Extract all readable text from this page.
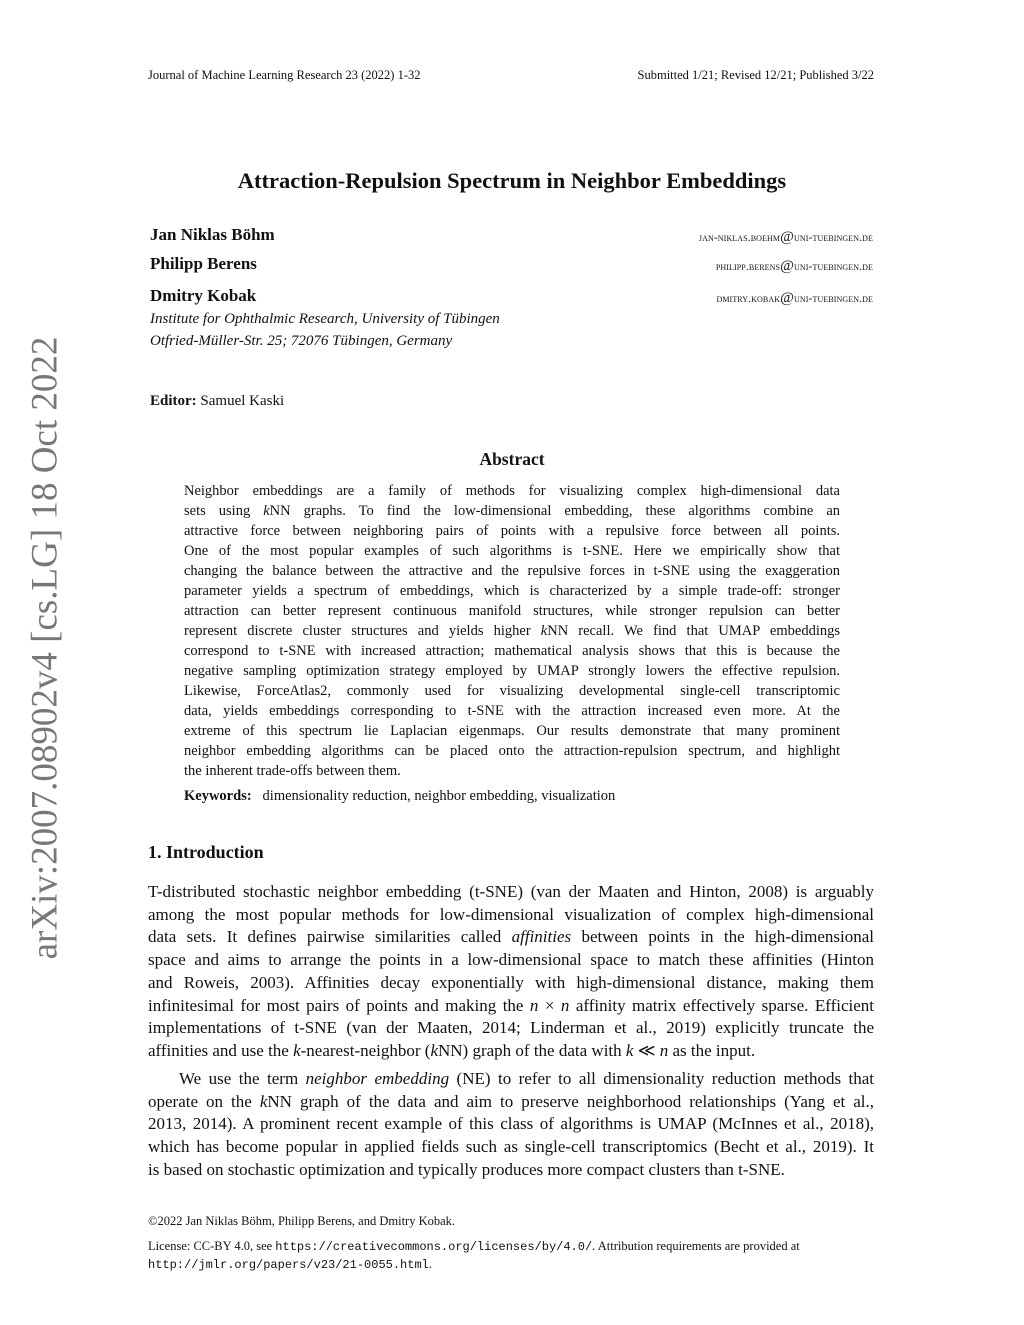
Journal of Machine Learning Research 23 (2022) 1-32	Submitted 1/21; Revised 12/21; Published 3/22
Attraction-Repulsion Spectrum in Neighbor Embeddings
Jan Niklas Böhm	jan-niklas.boehm@uni-tuebingen.de
Philipp Berens	philipp.berens@uni-tuebingen.de
Dmitry Kobak	dmitry.kobak@uni-tuebingen.de
Institute for Ophthalmic Research, University of Tübingen
Otfried-Müller-Str. 25; 72076 Tübingen, Germany
Editor: Samuel Kaski
Abstract
Neighbor embeddings are a family of methods for visualizing complex high-dimensional data
sets using kNN graphs. To find the low-dimensional embedding, these algorithms combine an
attractive force between neighboring pairs of points with a repulsive force between all points.
One of the most popular examples of such algorithms is t-SNE. Here we empirically show that
changing the balance between the attractive and the repulsive forces in t-SNE using the exaggeration
parameter yields a spectrum of embeddings, which is characterized by a simple trade-off: stronger
attraction can better represent continuous manifold structures, while stronger repulsion can better
represent discrete cluster structures and yields higher kNN recall. We find that UMAP embeddings
correspond to t-SNE with increased attraction; mathematical analysis shows that this is because the
negative sampling optimization strategy employed by UMAP strongly lowers the effective repulsion.
Likewise, ForceAtlas2, commonly used for visualizing developmental single-cell transcriptomic
data, yields embeddings corresponding to t-SNE with the attraction increased even more. At the
extreme of this spectrum lie Laplacian eigenmaps. Our results demonstrate that many prominent
neighbor embedding algorithms can be placed onto the attraction-repulsion spectrum, and highlight
the inherent trade-offs between them.
Keywords: dimensionality reduction, neighbor embedding, visualization
1. Introduction
T-distributed stochastic neighbor embedding (t-SNE) (van der Maaten and Hinton, 2008) is arguably
among the most popular methods for low-dimensional visualization of complex high-dimensional
data sets. It defines pairwise similarities called affinities between points in the high-dimensional
space and aims to arrange the points in a low-dimensional space to match these affinities (Hinton
and Roweis, 2003). Affinities decay exponentially with high-dimensional distance, making them
infinitesimal for most pairs of points and making the n × n affinity matrix effectively sparse. Efficient
implementations of t-SNE (van der Maaten, 2014; Linderman et al., 2019) explicitly truncate the
affinities and use the k-nearest-neighbor (kNN) graph of the data with k ≪ n as the input.
We use the term neighbor embedding (NE) to refer to all dimensionality reduction methods that
operate on the kNN graph of the data and aim to preserve neighborhood relationships (Yang et al.,
2013, 2014). A prominent recent example of this class of algorithms is UMAP (McInnes et al., 2018),
which has become popular in applied fields such as single-cell transcriptomics (Becht et al., 2019). It
is based on stochastic optimization and typically produces more compact clusters than t-SNE.
©2022 Jan Niklas Böhm, Philipp Berens, and Dmitry Kobak.
License: CC-BY 4.0, see https://creativecommons.org/licenses/by/4.0/. Attribution requirements are provided at
http://jmlr.org/papers/v23/21-0055.html.
arXiv:2007.08902v4 [cs.LG] 18 Oct 2022
